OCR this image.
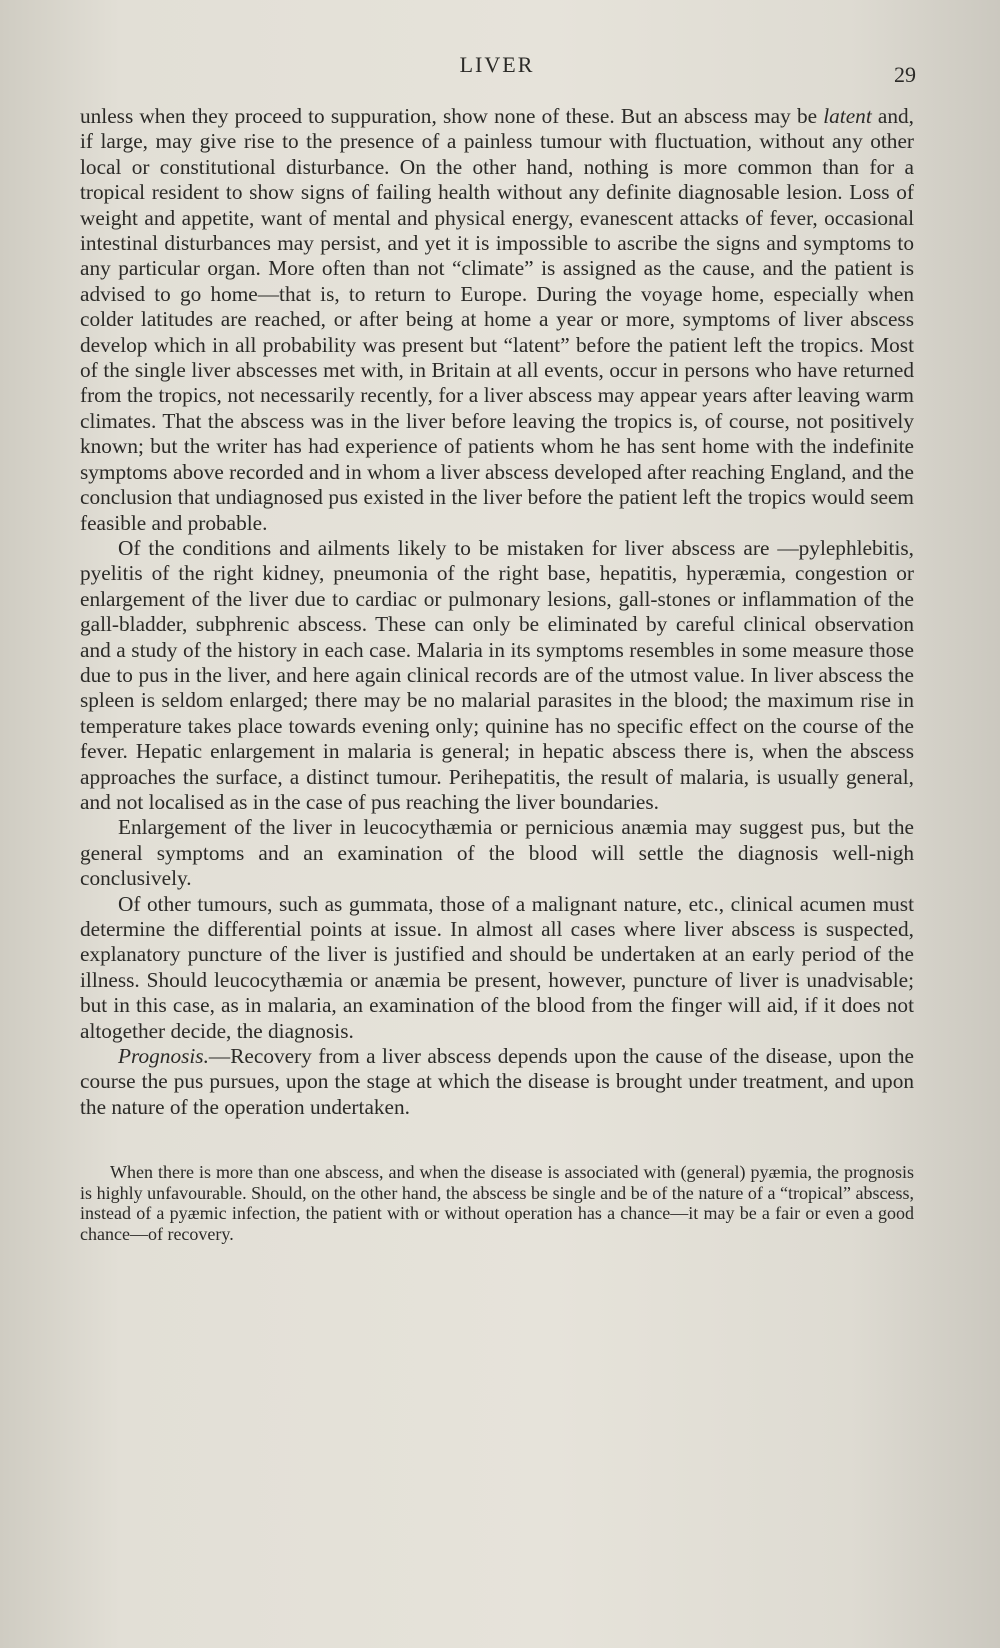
LIVER	29

unless when they proceed to suppuration, show none of these. But an abscess may be latent and, if large, may give rise to the presence of a painless tumour with fluctuation, without any other local or constitutional disturbance. On the other hand, nothing is more common than for a tropical resident to show signs of failing health without any definite diagnosable lesion. Loss of weight and appetite, want of mental and physical energy, evanescent attacks of fever, occasional intestinal disturbances may persist, and yet it is impossible to ascribe the signs and symptoms to any particular organ. More often than not “climate” is assigned as the cause, and the patient is advised to go home—that is, to return to Europe. During the voyage home, especially when colder latitudes are reached, or after being at home a year or more, symptoms of liver abscess develop which in all probability was present but “latent” before the patient left the tropics. Most of the single liver abscesses met with, in Britain at all events, occur in persons who have returned from the tropics, not necessarily recently, for a liver abscess may appear years after leaving warm climates. That the abscess was in the liver before leaving the tropics is, of course, not positively known; but the writer has had experience of patients whom he has sent home with the indefinite symptoms above recorded and in whom a liver abscess developed after reaching England, and the conclusion that undiagnosed pus existed in the liver before the patient left the tropics would seem feasible and probable.

Of the conditions and ailments likely to be mistaken for liver abscess are —pylephlebitis, pyelitis of the right kidney, pneumonia of the right base, hepatitis, hyperæmia, congestion or enlargement of the liver due to cardiac or pulmonary lesions, gall-stones or inflammation of the gall-bladder, subphrenic abscess. These can only be eliminated by careful clinical observation and a study of the history in each case. Malaria in its symptoms resembles in some measure those due to pus in the liver, and here again clinical records are of the utmost value. In liver abscess the spleen is seldom enlarged; there may be no malarial parasites in the blood; the maximum rise in temperature takes place towards evening only; quinine has no specific effect on the course of the fever. Hepatic enlargement in malaria is general; in hepatic abscess there is, when the abscess approaches the surface, a distinct tumour. Perihepatitis, the result of malaria, is usually general, and not localised as in the case of pus reaching the liver boundaries.

Enlargement of the liver in leucocythæmia or pernicious anæmia may suggest pus, but the general symptoms and an examination of the blood will settle the diagnosis well-nigh conclusively.

Of other tumours, such as gummata, those of a malignant nature, etc., clinical acumen must determine the differential points at issue. In almost all cases where liver abscess is suspected, explanatory puncture of the liver is justified and should be undertaken at an early period of the illness. Should leucocythæmia or anæmia be present, however, puncture of liver is unadvisable; but in this case, as in malaria, an examination of the blood from the finger will aid, if it does not altogether decide, the diagnosis.

Prognosis.—Recovery from a liver abscess depends upon the cause of the disease, upon the course the pus pursues, upon the stage at which the disease is brought under treatment, and upon the nature of the operation undertaken.

When there is more than one abscess, and when the disease is associated with (general) pyæmia, the prognosis is highly unfavourable. Should, on the other hand, the abscess be single and be of the nature of a “tropical” abscess, instead of a pyæmic infection, the patient with or without operation has a chance—it may be a fair or even a good chance—of recovery.
